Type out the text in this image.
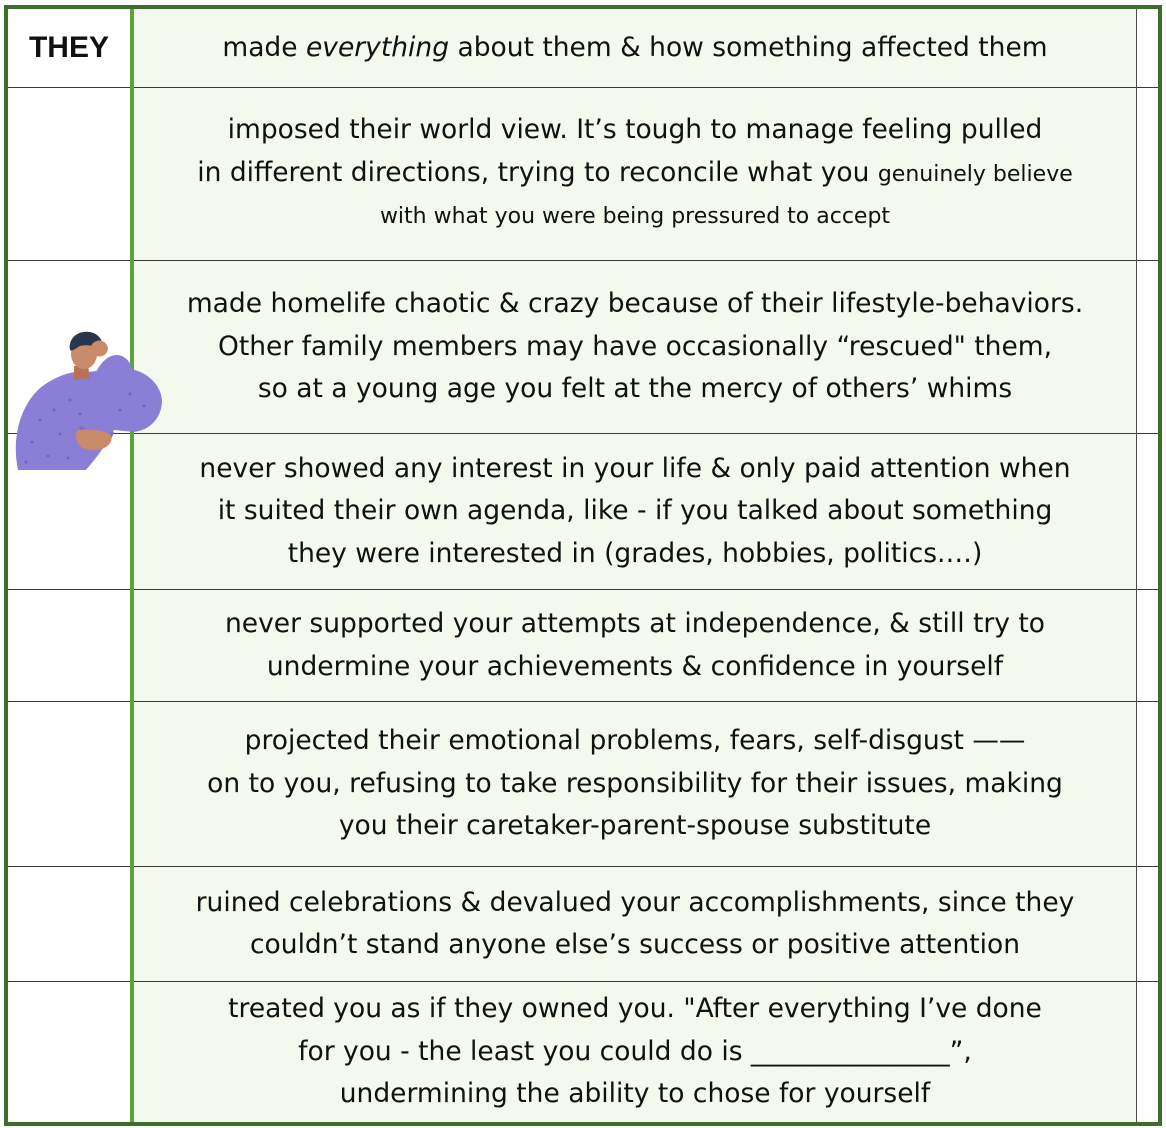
THEY	made everything about them & how something affected them
imposed their world view. It’s tough to manage feeling pulled
in different directions, trying to reconcile what you genuinely believe
with what you were being pressured to accept
made homelife chaotic & crazy because of their lifestyle-behaviors.
Other family members may have occasionally “rescued" them,
so at a young age you felt at the mercy of others’ whims
never showed any interest in your life & only paid attention when
it suited their own agenda, like - if you talked about something
they were interested in (grades, hobbies, politics.…)
never supported your attempts at independence, & still try to
undermine your achievements & confidence in yourself
projected their emotional problems, fears, self-disgust ——
on to you, refusing to take responsibility for their issues, making
you their caretaker-parent-spouse substitute
ruined celebrations & devalued your accomplishments, since they
couldn’t stand anyone else’s success or positive attention
treated you as if they owned you. "After everything I’ve done
for you - the least you could do is _______________”,
undermining the ability to chose for yourself
